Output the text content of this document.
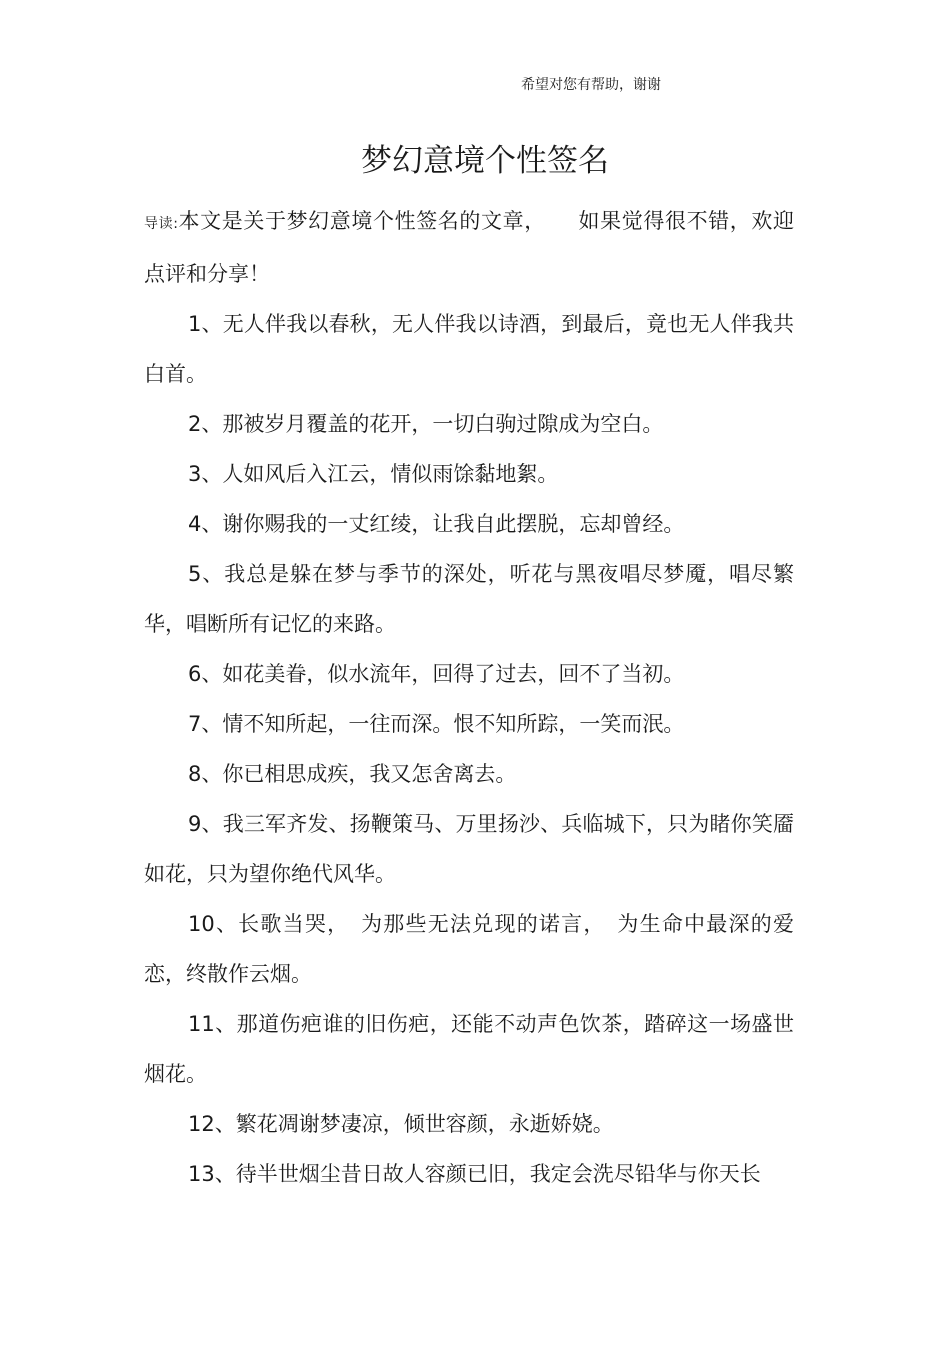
希望对您有帮助，谢谢
梦幻意境个性签名

导读:本文是关于梦幻意境个性签名的文章，　　如果觉得很不错，欢迎点评和分享！

1、无人伴我以春秋，无人伴我以诗酒，到最后，竟也无人伴我共白首。

2、那被岁月覆盖的花开，一切白驹过隙成为空白。

3、人如风后入江云，情似雨馀黏地絮。

4、谢你赐我的一丈红绫，让我自此摆脱，忘却曾经。

5、我总是躲在梦与季节的深处，听花与黑夜唱尽梦魇，唱尽繁华，唱断所有记忆的来路。

6、如花美眷，似水流年，回得了过去，回不了当初。

7、情不知所起，一往而深。恨不知所踪，一笑而泯。

8、你已相思成疾，我又怎舍离去。

9、我三军齐发、扬鞭策马、万里扬沙、兵临城下，只为睹你笑靥如花，只为望你绝代风华。

10、长歌当哭，　为那些无法兑现的诺言，　为生命中最深的爱恋，终散作云烟。

11、那道伤疤谁的旧伤疤，还能不动声色饮茶，踏碎这一场盛世烟花。

12、繁花凋谢梦凄凉，倾世容颜，永逝娇娆。

13、待半世烟尘昔日故人容颜已旧，我定会洗尽铅华与你天长
